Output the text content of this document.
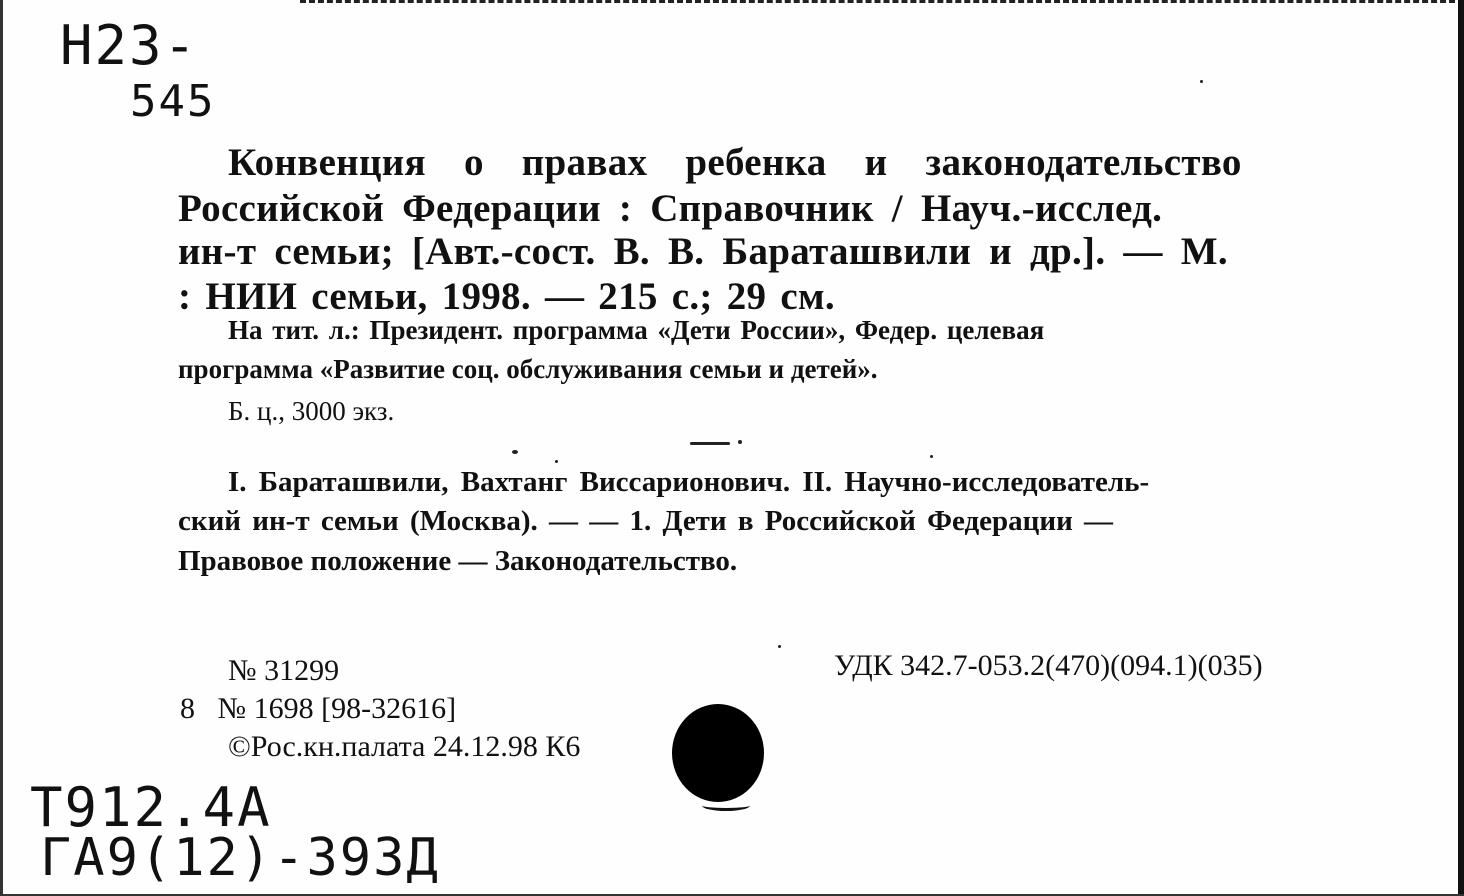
Н23-
545
Конвенция о правах ребенка и законодательство
Российской Федерации : Справочник / Науч.-исслед.
ин-т семьи; [Авт.-сост. В. В. Бараташвили и др.]. — М.
: НИИ семьи, 1998. — 215 с.; 29 см.
На тит. л.: Президент. программа «Дети России», Федер. целевая
программа «Развитие соц. обслуживания семьи и детей».
Б. ц., 3000 экз.
I. Бараташвили, Вахтанг Виссарионович. II. Научно-исследователь-
ский ин-т семьи (Москва). — — 1. Дети в Российской Федерации —
Правовое положение — Законодательство.
№ 31299
8 № 1698 [98-32616]
©Рос.кн.палата 24.12.98 К6
УДК 342.7-053.2(470)(094.1)(035)
Т912.4А
ГА9(12)-393Д
